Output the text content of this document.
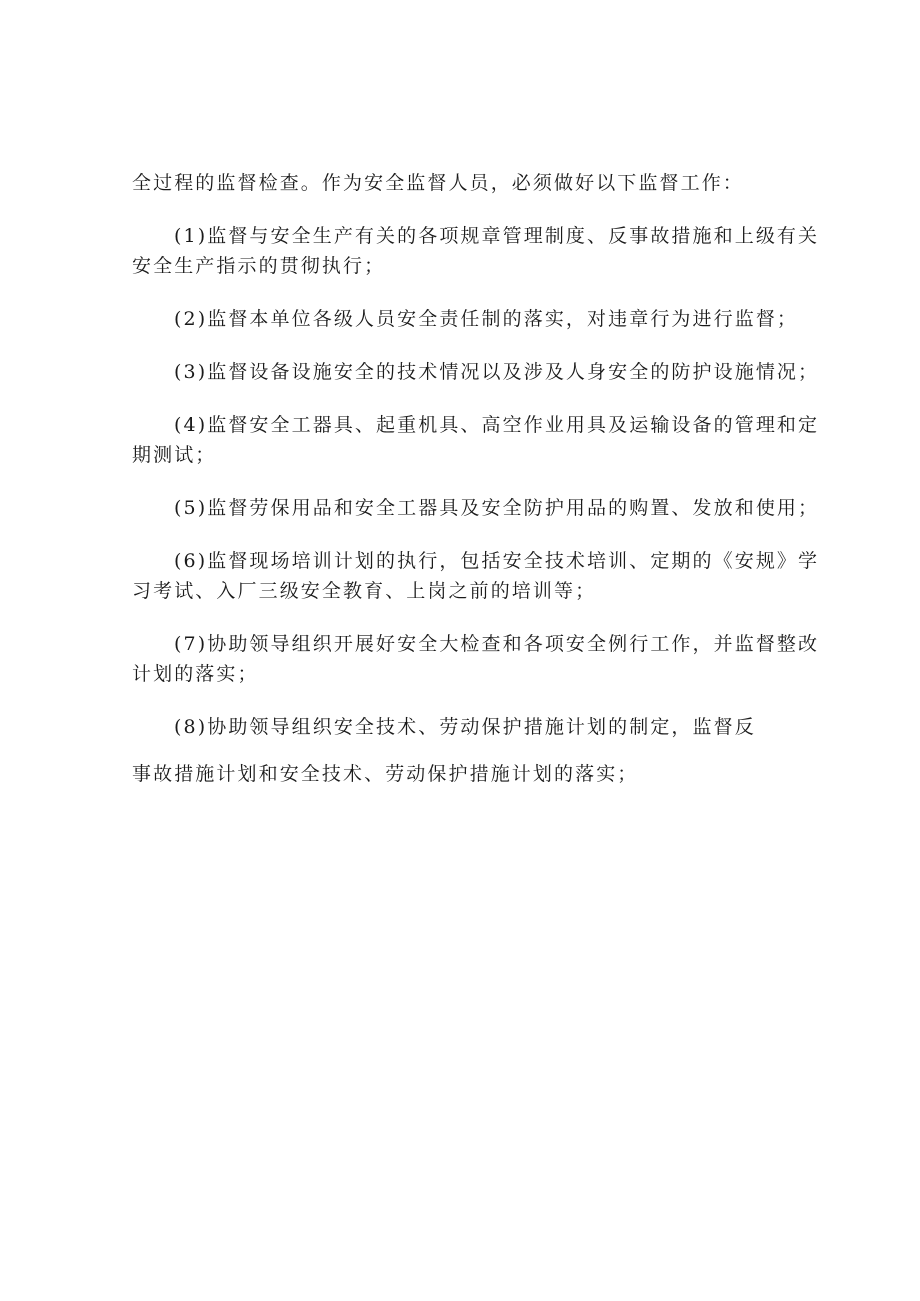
全过程的监督检查。作为安全监督人员，必须做好以下监督工作：

(1)监督与安全生产有关的各项规章管理制度、反事故措施和上级有关

安全生产指示的贯彻执行；

(2)监督本单位各级人员安全责任制的落实，对违章行为进行监督；

(3)监督设备设施安全的技术情况以及涉及人身安全的防护设施情况；

(4)监督安全工器具、起重机具、高空作业用具及运输设备的管理和定

期测试；

(5)监督劳保用品和安全工器具及安全防护用品的购置、发放和使用；

(6)监督现场培训计划的执行，包括安全技术培训、定期的《安规》学

习考试、入厂三级安全教育、上岗之前的培训等；

(7)协助领导组织开展好安全大检查和各项安全例行工作，并监督整改

计划的落实；

(8)协助领导组织安全技术、劳动保护措施计划的制定，监督反

事故措施计划和安全技术、劳动保护措施计划的落实；
